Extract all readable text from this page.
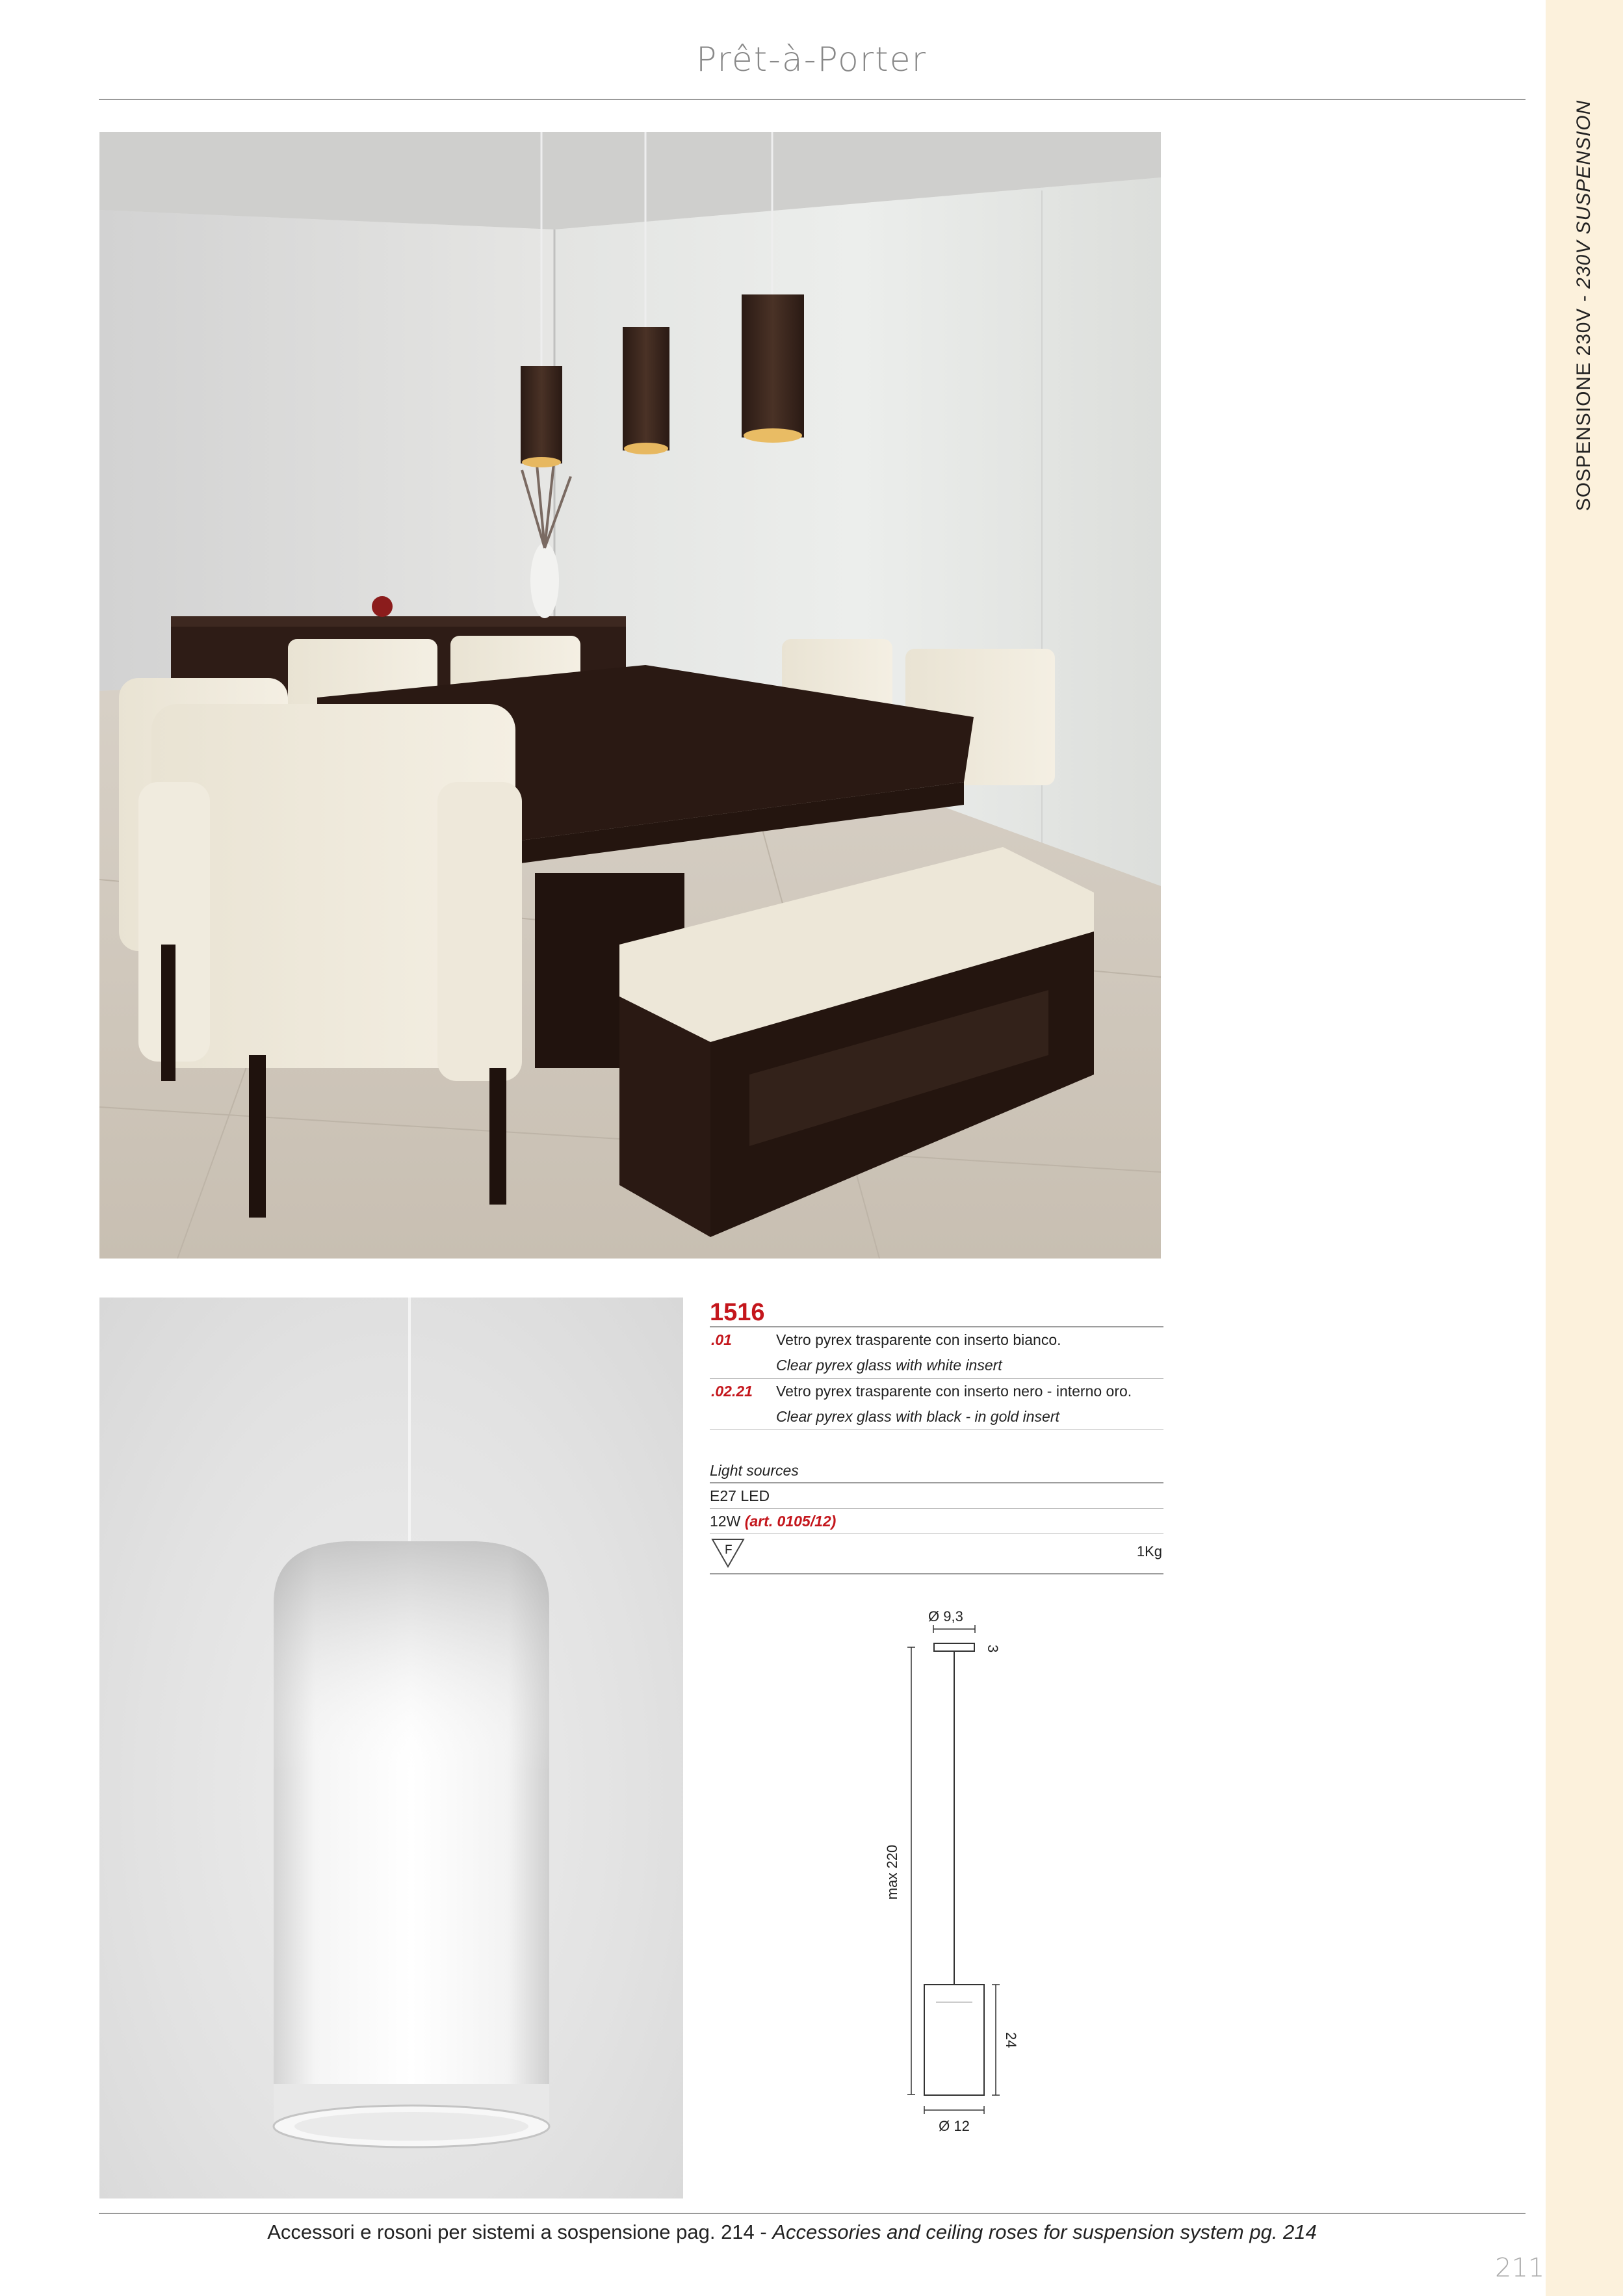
SOSPENSIONE 230V - 230V SUSPENSION
Prêt-à-Porter
1516
.01	Vetro pyrex trasparente con inserto bianco.
Clear pyrex glass with white insert
.02.21 Vetro pyrex trasparente con inserto nero - interno oro.
Clear pyrex glass with black - in gold insert
Light sources
E27 LED
12W (art. 0105/12)
F	1Kg
Ø 9,3
3
max 220
24
Ø 12
Accessori e rosoni per sistemi a sospensione pag. 214 - Accessories and ceiling roses for suspension system pg. 214
211
